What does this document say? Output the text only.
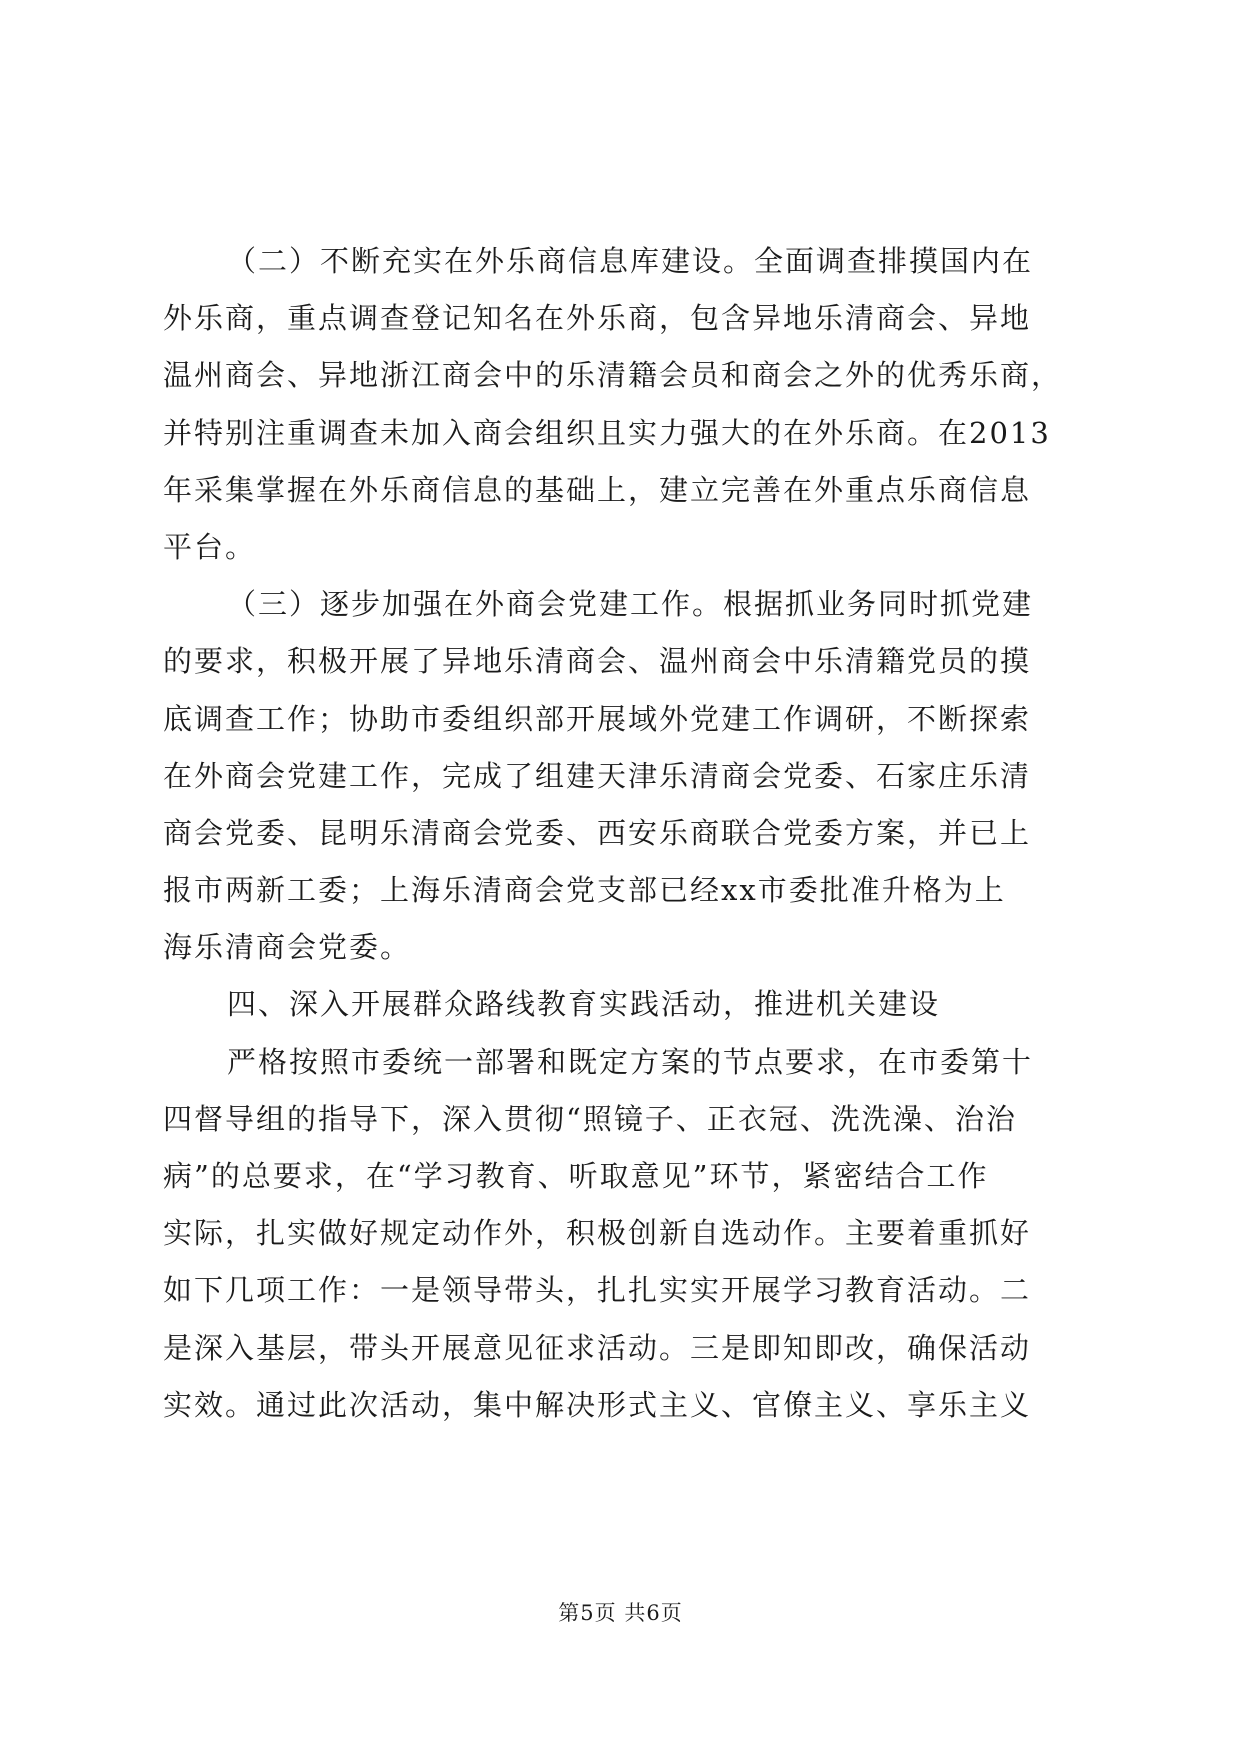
（二）不断充实在外乐商信息库建设。全面调查排摸国内在
外乐商，重点调查登记知名在外乐商，包含异地乐清商会、异地
温州商会、异地浙江商会中的乐清籍会员和商会之外的优秀乐商，
并特别注重调查未加入商会组织且实力强大的在外乐商。在2013
年采集掌握在外乐商信息的基础上，建立完善在外重点乐商信息
平台。
（三）逐步加强在外商会党建工作。根据抓业务同时抓党建
的要求，积极开展了异地乐清商会、温州商会中乐清籍党员的摸
底调查工作；协助市委组织部开展域外党建工作调研，不断探索
在外商会党建工作，完成了组建天津乐清商会党委、石家庄乐清
商会党委、昆明乐清商会党委、西安乐商联合党委方案，并已上
报市两新工委；上海乐清商会党支部已经xx市委批准升格为上
海乐清商会党委。
四、深入开展群众路线教育实践活动，推进机关建设
严格按照市委统一部署和既定方案的节点要求，在市委第十
四督导组的指导下，深入贯彻“照镜子、正衣冠、洗洗澡、治治
病”的总要求，在“学习教育、听取意见”环节，紧密结合工作
实际，扎实做好规定动作外，积极创新自选动作。主要着重抓好
如下几项工作：一是领导带头，扎扎实实开展学习教育活动。二
是深入基层，带头开展意见征求活动。三是即知即改，确保活动
实效。通过此次活动，集中解决形式主义、官僚主义、享乐主义
第5页 共6页
